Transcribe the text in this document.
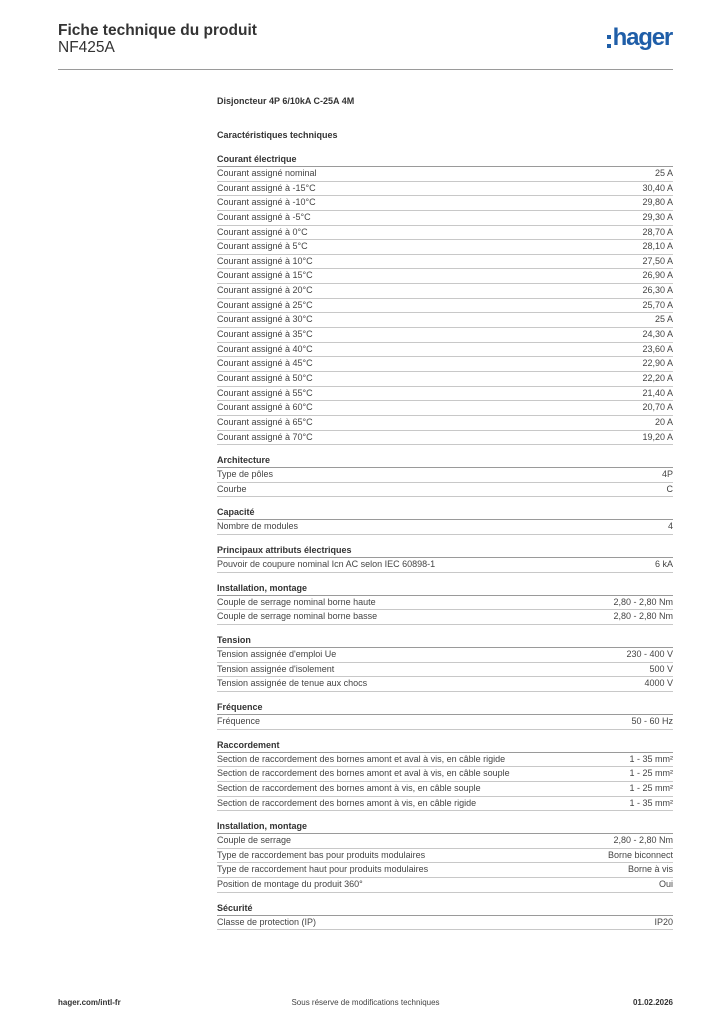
Fiche technique du produit
NF425A	hager
Disjoncteur 4P 6/10kA C-25A 4M
Caractéristiques techniques
Courant électrique
Courant assigné nominal	25 A
Courant assigné à -15°C	30,40 A
Courant assigné à -10°C	29,80 A
Courant assigné à -5°C	29,30 A
Courant assigné à 0°C	28,70 A
Courant assigné à 5°C	28,10 A
Courant assigné à 10°C	27,50 A
Courant assigné à 15°C	26,90 A
Courant assigné à 20°C	26,30 A
Courant assigné à 25°C	25,70 A
Courant assigné à 30°C	25 A
Courant assigné à 35°C	24,30 A
Courant assigné à 40°C	23,60 A
Courant assigné à 45°C	22,90 A
Courant assigné à 50°C	22,20 A
Courant assigné à 55°C	21,40 A
Courant assigné à 60°C	20,70 A
Courant assigné à 65°C	20 A
Courant assigné à 70°C	19,20 A
Architecture
Type de pôles	4P
Courbe	C
Capacité
Nombre de modules	4
Principaux attributs électriques
Pouvoir de coupure nominal Icn AC selon IEC 60898-1	6 kA
Installation, montage
Couple de serrage nominal borne haute	2,80 - 2,80 Nm
Couple de serrage nominal borne basse	2,80 - 2,80 Nm
Tension
Tension assignée d'emploi Ue	230 - 400 V
Tension assignée d'isolement	500 V
Tension assignée de tenue aux chocs	4000 V
Fréquence
Fréquence	50 - 60 Hz
Raccordement
Section de raccordement des bornes amont et aval à vis, en câble rigide	1 - 35 mm²
Section de raccordement des bornes amont et aval à vis, en câble souple	1 - 25 mm²
Section de raccordement des bornes amont à vis, en câble souple	1 - 25 mm²
Section de raccordement des bornes amont à vis, en câble rigide	1 - 35 mm²
Installation, montage
Couple de serrage	2,80 - 2,80 Nm
Type de raccordement bas pour produits modulaires	Borne biconnect
Type de raccordement haut pour produits modulaires	Borne à vis
Position de montage du produit 360°	Oui
Sécurité
Classe de protection (IP)	IP20
Sous réserve de modifications techniques
hager.com/intl-fr	01.02.2026
